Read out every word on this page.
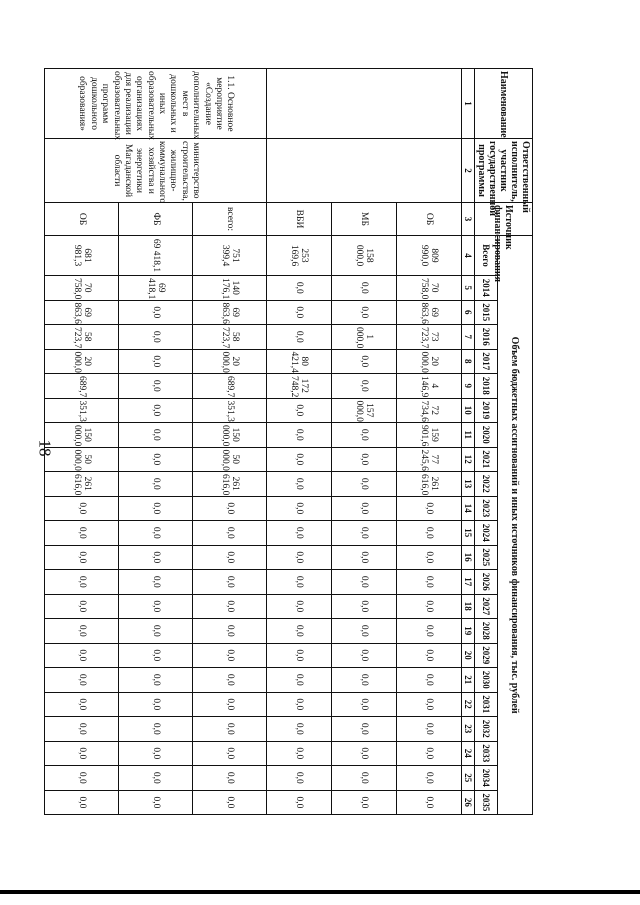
18
Наименование	Ответственный исполнитель, участник государственной программы	Источник финансирования	Объем бюджетных ассигнований и иных источников финансирования, тыс. рублей																						
			Всего	2014	2015	2016	2017	2018	2019	2020	2021	2022	2023	2024	2025	2026	2027	2028	2029	2030	2031	2032	2033	2034	2035
1	2	3	4	5	6	7	8	9	10	11	12	13	14	15	16	17	18	19	20	21	22	23	24	25	26
		ОБ	809 990,0	70 758,0	69 863,6	73 723,7	20 000,0	4 146,9	72 734,6	159 901,6	77 245,6	261 616,0	0,0	0,0	0,0	0,0	0,0	0,0	0,0	0,0	0,0	0,0	0,0	0,0	0,0
		МБ	158 000,0	0,0	0,0	1 000,0	0,0	0,0	157 000,0	0,0	0,0	0,0	0,0	0,0	0,0	0,0	0,0	0,0	0,0	0,0	0,0	0,0	0,0	0,0	0,0
		ВБИ	253 169,6	0,0	0,0	0,0	80 421,4	172 748,2	0,0	0,0	0,0	0,0	0,0	0,0	0,0	0,0	0,0	0,0	0,0	0,0	0,0	0,0	0,0	0,0	0,0
1.1. Основное мероприятие «Создание дополнительных мест в дошкольных и иных образовательных организациях для реализации образовательных программ дошкольного образования»	министерство строительства, жилищно-коммунального хозяйства и энергетики Магаданской области	всего:	751 399,4	140 176,1	69 863,6	58 723,7	20 000,0	689,7	351,3	150 000,0	50 000,0	261 616,0	0,0	0,0	0,0	0,0	0,0	0,0	0,0	0,0	0,0	0,0	0,0	0,0	0,0
		ФБ	69 418,1	69 418,1	0,0	0,0	0,0	0,0	0,0	0,0	0,0	0,0	0,0	0,0	0,0	0,0	0,0	0,0	0,0	0,0	0,0	0,0	0,0	0,0	0,0
		ОБ	681 981,3	70 758,0	69 863,6	58 723,7	20 000,0	689,7	351,3	150 000,0	50 000,0	261 616,0	0,0	0,0	0,0	0,0	0,0	0,0	0,0	0,0	0,0	0,0	0,0	0,0	0,0
